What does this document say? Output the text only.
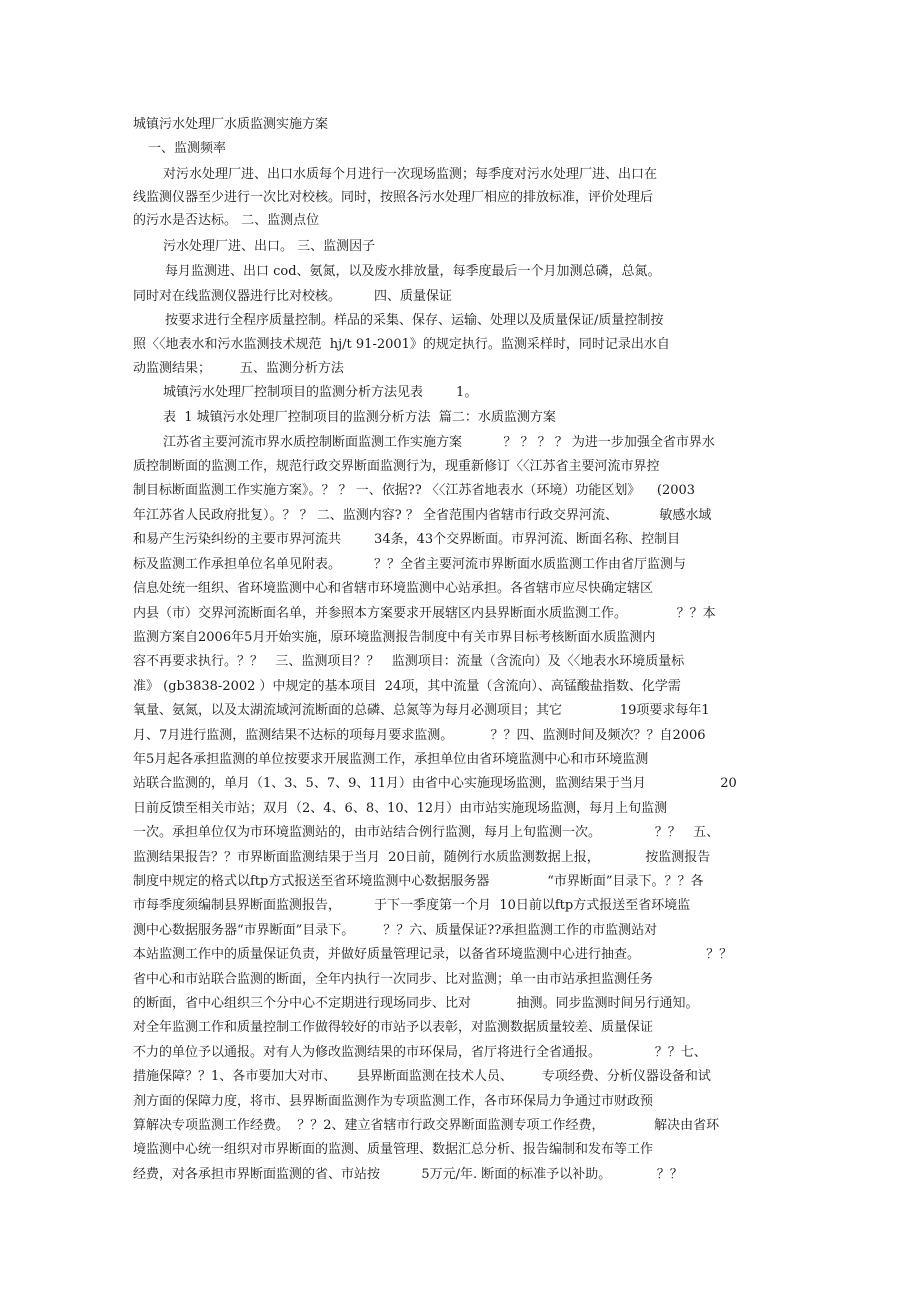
城镇污水处理厂水质监测实施方案
一、监测频率
对污水处理厂进、出口水质每个月进行一次现场监测；每季度对污水处理厂进、出口在
线监测仪器至少进行一次比对校核。同时，按照各污水处理厂相应的排放标准，评价处理后
的污水是否达标。 二、监测点位
污水处理厂进、出口。 三、监测因子
每月监测进、出口 cod、氨氮，以及废水排放量，每季度最后一个月加测总磷，总氮。
同时对在线监测仪器进行比对校核。        四、质量保证
按要求进行全程序质量控制。样品的采集、保存、运输、处理以及质量保证/质量控制按
照〈〈地表水和污水监测技术规范  hj/t 91-2001》的规定执行。监测采样时，同时记录出水自
动监测结果；       五、监测分析方法
城镇污水处理厂控制项目的监测分析方法见表        1。
表  1 城镇污水处理厂控制项目的监测分析方法  篇二：水质监测方案
江苏省主要河流市界水质控制断面监测工作实施方案          ？ ？ ？ ？ 为进一步加强全省市界水
质控制断面的监测工作，规范行政交界断面监测行为，现重新修订〈〈江苏省主要河流市界控
制目标断面监测工作实施方案》。？ ？ 一、依据?? 〈〈江苏省地表水（环境）功能区划》    (2003
年江苏省人民政府批复）。？ ？ 二、监测内容? ？ 全省范围内省辖市行政交界河流、          敏感水域
和易产生污染纠纷的主要市界河流共        34条，43个交界断面。市界河流、断面名称、控制目
标及监测工作承担单位名单见附表。        ？？全省主要河流市界断面水质监测工作由省厅监测与
信息处统一组织、省环境监测中心和省辖市环境监测中心站承担。各省辖市应尽快确定辖区
内县（市）交界河流断面名单，并参照本方案要求开展辖区内县界断面水质监测工作。            ？？本
监测方案自2006年5月开始实施，原环境监测报告制度中有关市界目标考核断面水质监测内
容不再要求执行。？？   三、监测项目？？   监测项目：流量（含流向）及〈〈地表水环境质量标
准》 (gb3838-2002 ）中规定的基本项目  24项，其中流量（含流向）、高锰酸盐指数、化学需
氧量、氨氮，以及太湖流域河流断面的总磷、总氮等为每月必测项目；其它              19项要求每年1
月、7月进行监测，监测结果不达标的项每月要求监测。         ？？四、监测时间及频次？？自2006
年5月起各承担监测的单位按要求开展监测工作，承担单位由省环境监测中心和市环境监测
站联合监测的，单月（1、3、5、7、9、11月）由省中心实施现场监测，监测结果于当月                  20
日前反馈至相关市站；双月（2、4、6、8、10、12月）由市站实施现场监测，每月上旬监测
一次。承担单位仅为市环境监测站的，由市站结合例行监测，每月上旬监测一次。             ？？   五、
监测结果报告？？市界断面监测结果于当月  20日前，随例行水质监测数据上报，           按监测报告
制度中规定的格式以ftp方式报送至省环境监测中心数据服务器              “市界断面”目录下。？？各
市每季度须编制县界断面监测报告，        于下一季度第一个月  10日前以ftp方式报送至省环境监
测中心数据服务器“市界断面”目录下。       ？？六、质量保证??承担监测工作的市监测站对
本站监测工作中的质量保证负责，并做好质量管理记录，以备省环境监测中心进行抽查。                ？？
省中心和市站联合监测的断面，全年内执行一次同步、比对监测；单一由市站承担监测任务
的断面，省中心组织三个分中心不定期进行现场同步、比对           抽测。同步监测时间另行通知。
对全年监测工作和质量控制工作做得较好的市站予以表彰，对监测数据质量较差、质量保证
不力的单位予以通报。对有人为修改监测结果的市环保局，省厅将进行全省通报。             ？？七、
措施保障？？1、各市要加大对市、     县界断面监测在技术人员、       专项经费、分析仪器设备和试
剂方面的保障力度，将市、县界断面监测作为专项监测工作，各市环保局力争通过市财政预
算解决专项监测工作经费。  ？？2、建立省辖市行政交界断面监测专项工作经费，            解决由省环
境监测中心统一组织对市界断面的监测、质量管理、数据汇总分析、报告编制和发布等工作
经费，对各承担市界断面监测的省、市站按          5万元/年. 断面的标准予以补助。           ？？
